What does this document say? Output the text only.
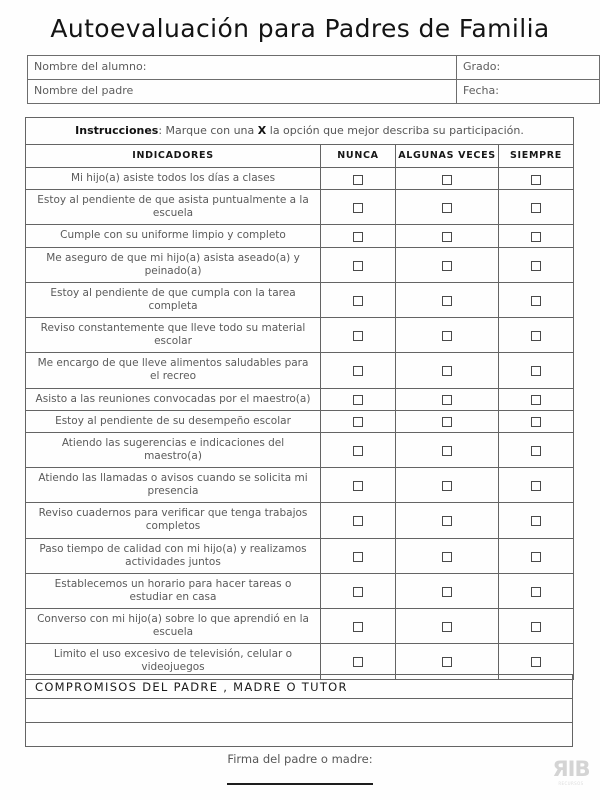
Autoevaluación para Padres de Familia
Nombre del alumno:	Grado:
Nombre del padre	Fecha:
Instrucciones: Marque con una X la opción que mejor describa su participación.			
INDICADORES	NUNCA	ALGUNAS VECES	SIEMPRE
Mi hijo(a) asiste todos los días a clases			
Estoy al pendiente de que asista puntualmente a la escuela			
Cumple con su uniforme limpio y completo			
Me aseguro de que mi hijo(a) asista aseado(a) y peinado(a)			
Estoy al pendiente de que cumpla con la tarea completa			
Reviso constantemente que lleve todo su material escolar			
Me encargo de que lleve alimentos saludables para el recreo			
Asisto a las reuniones convocadas por el maestro(a)			
Estoy al pendiente de su desempeño escolar			
Atiendo las sugerencias e indicaciones del maestro(a)			
Atiendo las llamadas o avisos cuando se solicita mi presencia			
Reviso cuadernos para verificar que tenga trabajos completos			
Paso tiempo de calidad con mi hijo(a) y realizamos actividades juntos			
Establecemos un horario para hacer tareas o estudiar en casa			
Converso con mi hijo(a) sobre lo que aprendió en la escuela			
Limito el uso excesivo de televisión, celular o videojuegos			
COMPROMISOS DEL PADRE , MADRE O TUTOR

Firma del padre o madre:	ЯIB
RECURSOS
